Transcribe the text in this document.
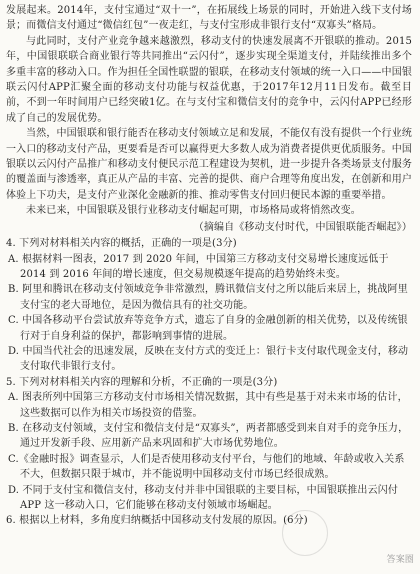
发展起来。2014年，支付宝通过“双十一”，在拓展线上场景的同时，开始进入线下支付场景；而微信支付通过“微信红包”一夜走红，与支付宝形成非银行支付“双寡头”格局。

与此同时，支付产业竞争越来越激烈，移动支付的快速发展离不开银联的推动。2015年，中国银联联合商业银行等共同推出“云闪付”，逐步实现全渠道支付，并陆续推出多个多重丰富的移动入口。作为担任全国性联盟的银联，在移动支付领域的统一入口——中国银联云闪付APP汇聚全面的移动支付功能与权益优惠，于2017年12月11日发布。截至目前，不到一年时间用户已经突破1亿。在与支付宝和微信支付的竞争中，云闪付APP已经形成了自己的发展优势。

当然，中国银联和银行能否在移动支付领域立足和发展，不能仅有没有提供一个行业统一入口的移动支付产品，更要看是否可以赢得更大多数人成为消费者提供更优质服务。中国银联以云闪付产品推广和移动支付便民示范工程建设为契机，进一步提升各类场景支付服务的覆盖面与渗透率，真正从产品的丰富、完善的提供、商户合理等角度出发，在创新和用户体验上下功夫，是支付产业深化金融新的推、推动零售支付回归便民本源的重要举措。

未来已来，中国银联及银行业移动支付崛起可期，市场格局或将悄然改变。

（摘编自《移动支付时代，中国银联能否崛起》）

4. 下列对材料相关内容的概括，正确的一项是(3分)

A. 根据材料一图表，2017 到 2020 年间，中国第三方移动支付交易增长速度远低于 2014 到 2016 年间的增长速度，但交易规模逐年提高的趋势始终未变。

B. 阿里和腾讯在移动支付领域竞争非常激烈，腾讯微信支付之所以能后来居上，挑战阿里支付宝的老大哥地位，是因为微信具有的社交功能。

C. 中国各移动平台尝试放弃等竞争方式，遗忘了自身的金融创新的相关优势，以及传统银行对于自身利益的保护，都影响到事情的进展。

D. 中国当代社会的迅速发展，反映在支付方式的变迁上：银行卡支付取代现金支付，移动支付取代非银行支付。

5. 下列对材料相关内容的理解和分析，不正确的一项是(3分)

A. 图表所列中国第三方移动支付市场相关情况数据，其中有些是基于对未来市场的估计，这些数据可以作为相关市场投资的借鉴。

B. 在移动支付领域，支付宝和微信支付是“双寡头”，两者都感受到来自对手的竞争压力，通过开发新手段、应用新产品来巩固和扩大市场优势地位。

C.《金融时报》调查显示，人们是否使用移动支付平台，与他们的地域、年龄或收入关系不大，但数据只限于城市，并不能说明中国移动支付市场已经很成熟。

D. 不同于支付宝和微信支付，移动支付并非中国银联的主要目标，中国银联推出云闪付 APP 这一移动入口，它们能够在移动支付领域市场崛起。

6. 根据以上材料，多角度归纳概括中国移动支付发展的原因。(6分)

答案圈
